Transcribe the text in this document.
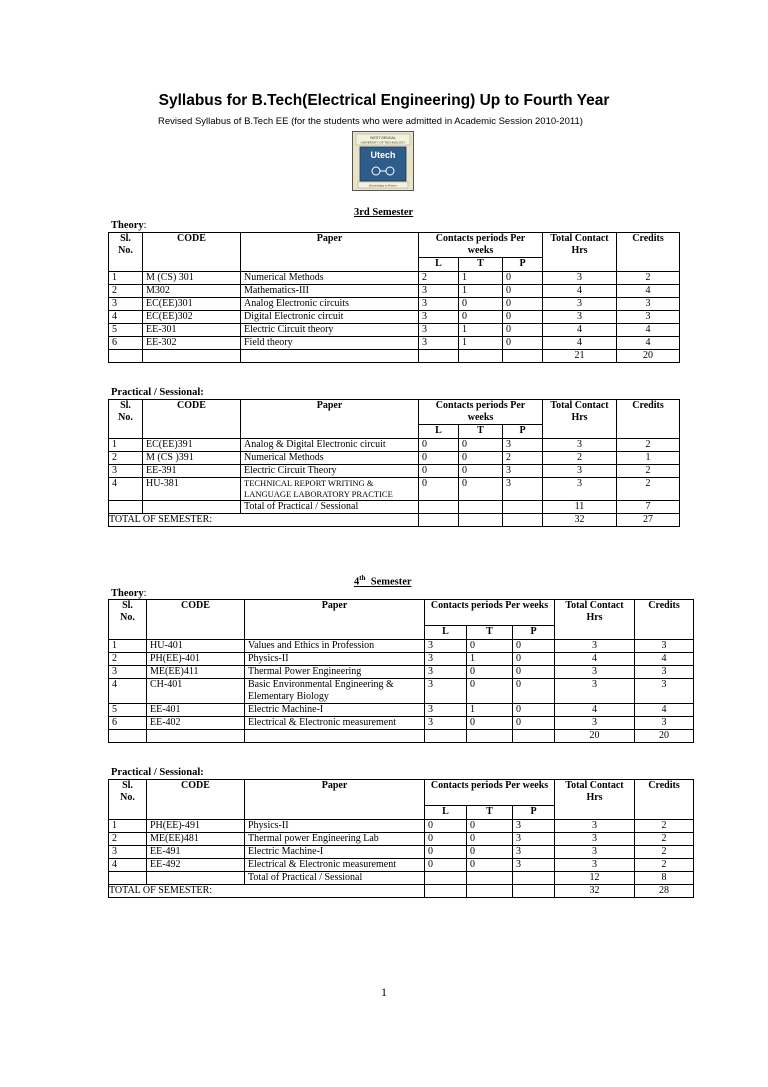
Syllabus for B.Tech(Electrical Engineering) Up to Fourth Year
Revised Syllabus of B.Tech EE (for the students who were admitted in Academic Session 2010-2011)
WEST BENGAL
UNIVERSITY OF TECHNOLOGY
Utech
Knowledge is Power
3rd Semester
Theory:
Sl.
No.	CODE	Paper	Contacts periods Per weeks			Total Contact Hrs	Credits
			L	T	P		
1	M (CS) 301	Numerical Methods	2	1	0	3	2
2	M302	Mathematics-III	3	1	0	4	4
3	EC(EE)301	Analog Electronic circuits	3	0	0	3	3
4	EC(EE)302	Digital Electronic circuit	3	0	0	3	3
5	EE-301	Electric Circuit theory	3	1	0	4	4
6	EE-302	Field theory	3	1	0	4	4
						21	20
Practical / Sessional:
Sl.
No.	CODE	Paper	Contacts periods Per weeks			Total Contact Hrs	Credits
			L	T	P		
1	EC(EE)391	Analog & Digital Electronic circuit	0	0	3	3	2
2	M (CS )391	Numerical Methods	0	0	2	2	1
3	EE-391	Electric Circuit Theory	0	0	3	3	2
4	HU-381	TECHNICAL REPORT WRITING & LANGUAGE LABORATORY PRACTICE	0	0	3	3	2
		Total of Practical / Sessional				11	7
TOTAL OF SEMESTER:						32	27
4th Semester
Theory:
Sl.
No.	CODE	Paper	Contacts periods Per weeks			Total Contact Hrs	Credits
			L	T	P		
1	HU-401	Values and Ethics in Profession	3	0	0	3	3
2	PH(EE)-401	Physics-II	3	1	0	4	4
3	ME(EE)411	Thermal Power Engineering	3	0	0	3	3
4	CH-401	Basic Environmental Engineering & Elementary Biology	3	0	0	3	3
5	EE-401	Electric Machine-I	3	1	0	4	4
6	EE-402	Electrical & Electronic measurement	3	0	0	3	3
						20	20
Practical / Sessional:
Sl.
No.	CODE	Paper	Contacts periods Per weeks			Total Contact Hrs	Credits
			L	T	P		
1	PH(EE)-491	Physics-II	0	0	3	3	2
2	ME(EE)481	Thermal power Engineering Lab	0	0	3	3	2
3	EE-491	Electric Machine-I	0	0	3	3	2
4	EE-492	Electrical & Electronic measurement	0	0	3	3	2
		Total of Practical / Sessional				12	8
TOTAL OF SEMESTER:						32	28
1
